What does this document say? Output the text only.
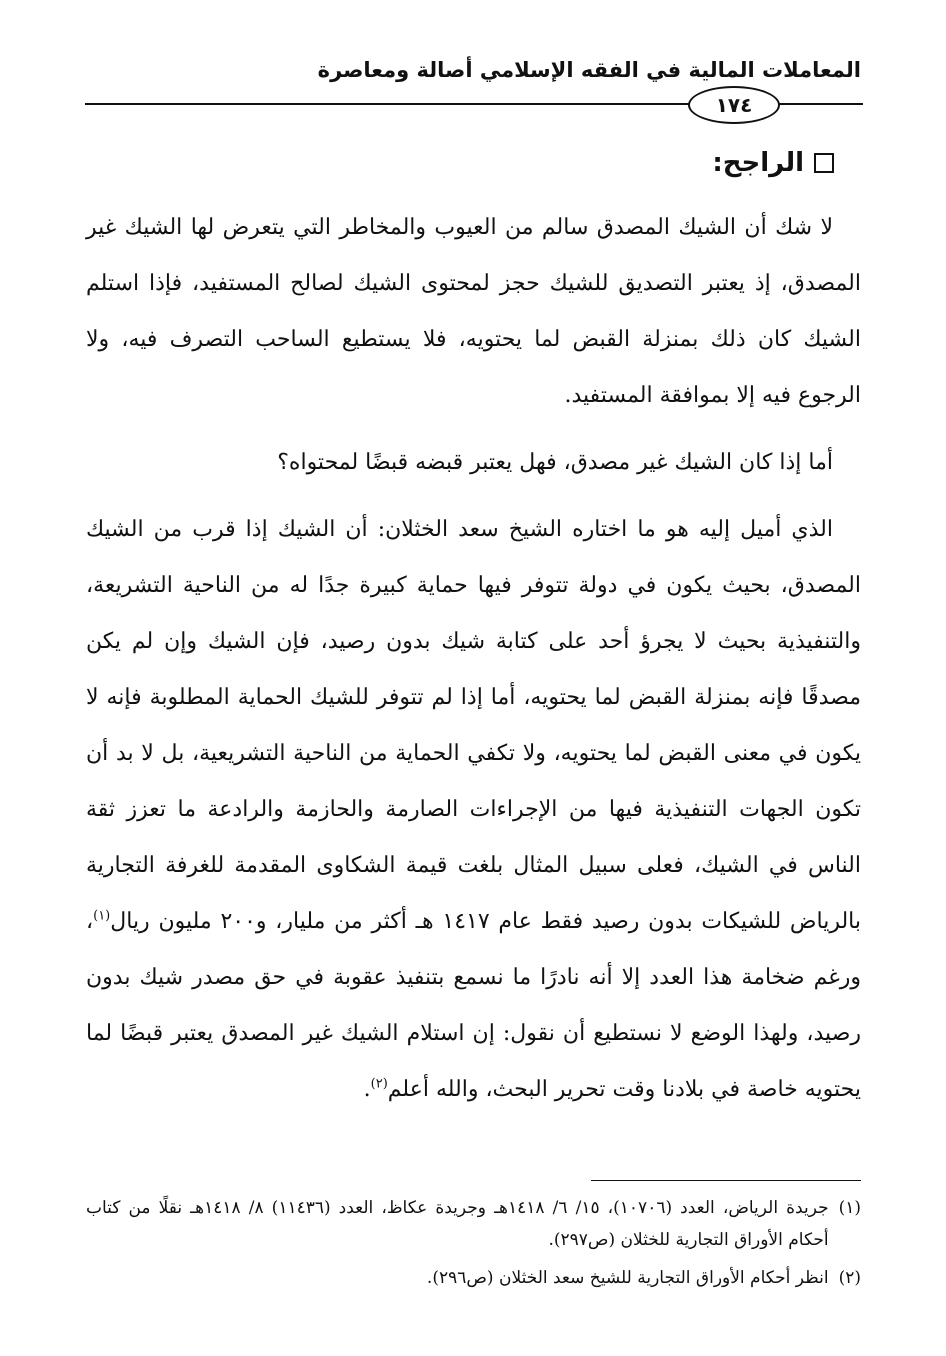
المعاملات المالية في الفقه الإسلامي أصالة ومعاصرة
١٧٤
الراجح:

لا شك أن الشيك المصدق سالم من العيوب والمخاطر التي يتعرض لها الشيك غير المصدق، إذ يعتبر التصديق للشيك حجز لمحتوى الشيك لصالح المستفيد، فإذا استلم الشيك كان ذلك بمنزلة القبض لما يحتويه، فلا يستطيع الساحب التصرف فيه، ولا الرجوع فيه إلا بموافقة المستفيد.

أما إذا كان الشيك غير مصدق، فهل يعتبر قبضه قبضًا لمحتواه؟

الذي أميل إليه هو ما اختاره الشيخ سعد الخثلان: أن الشيك إذا قرب من الشيك المصدق، بحيث يكون في دولة تتوفر فيها حماية كبيرة جدًا له من الناحية التشريعة، والتنفيذية بحيث لا يجرؤ أحد على كتابة شيك بدون رصيد، فإن الشيك وإن لم يكن مصدقًا فإنه بمنزلة القبض لما يحتويه، أما إذا لم تتوفر للشيك الحماية المطلوبة فإنه لا يكون في معنى القبض لما يحتويه، ولا تكفي الحماية من الناحية التشريعية، بل لا بد أن تكون الجهات التنفيذية فيها من الإجراءات الصارمة والحازمة والرادعة ما تعزز ثقة الناس في الشيك، فعلى سبيل المثال بلغت قيمة الشكاوى المقدمة للغرفة التجارية بالرياض للشيكات بدون رصيد فقط عام ١٤١٧ هـ أكثر من مليار، و٢٠٠ مليون ريال$^{(١)}$، ورغم ضخامة هذا العدد إلا أنه نادرًا ما نسمع بتنفيذ عقوبة في حق مصدر شيك بدون رصيد، ولهذا الوضع لا نستطيع أن نقول: إن استلام الشيك غير المصدق يعتبر قبضًا لما يحتويه خاصة في بلادنا وقت تحرير البحث، والله أعلم$^{(٢)}$.

(١)
جريدة الرياض، العدد (١٠٧٠٦)، ١٥/ ٦/ ١٤١٨هـ وجريدة عكاظ، العدد (١١٤٣٦) ٨/ ١٤١٨هـ نقلًا من كتاب أحكام الأوراق التجارية للخثلان (ص٢٩٧).
(٢)
انظر أحكام الأوراق التجارية للشيخ سعد الخثلان (ص٢٩٦).
